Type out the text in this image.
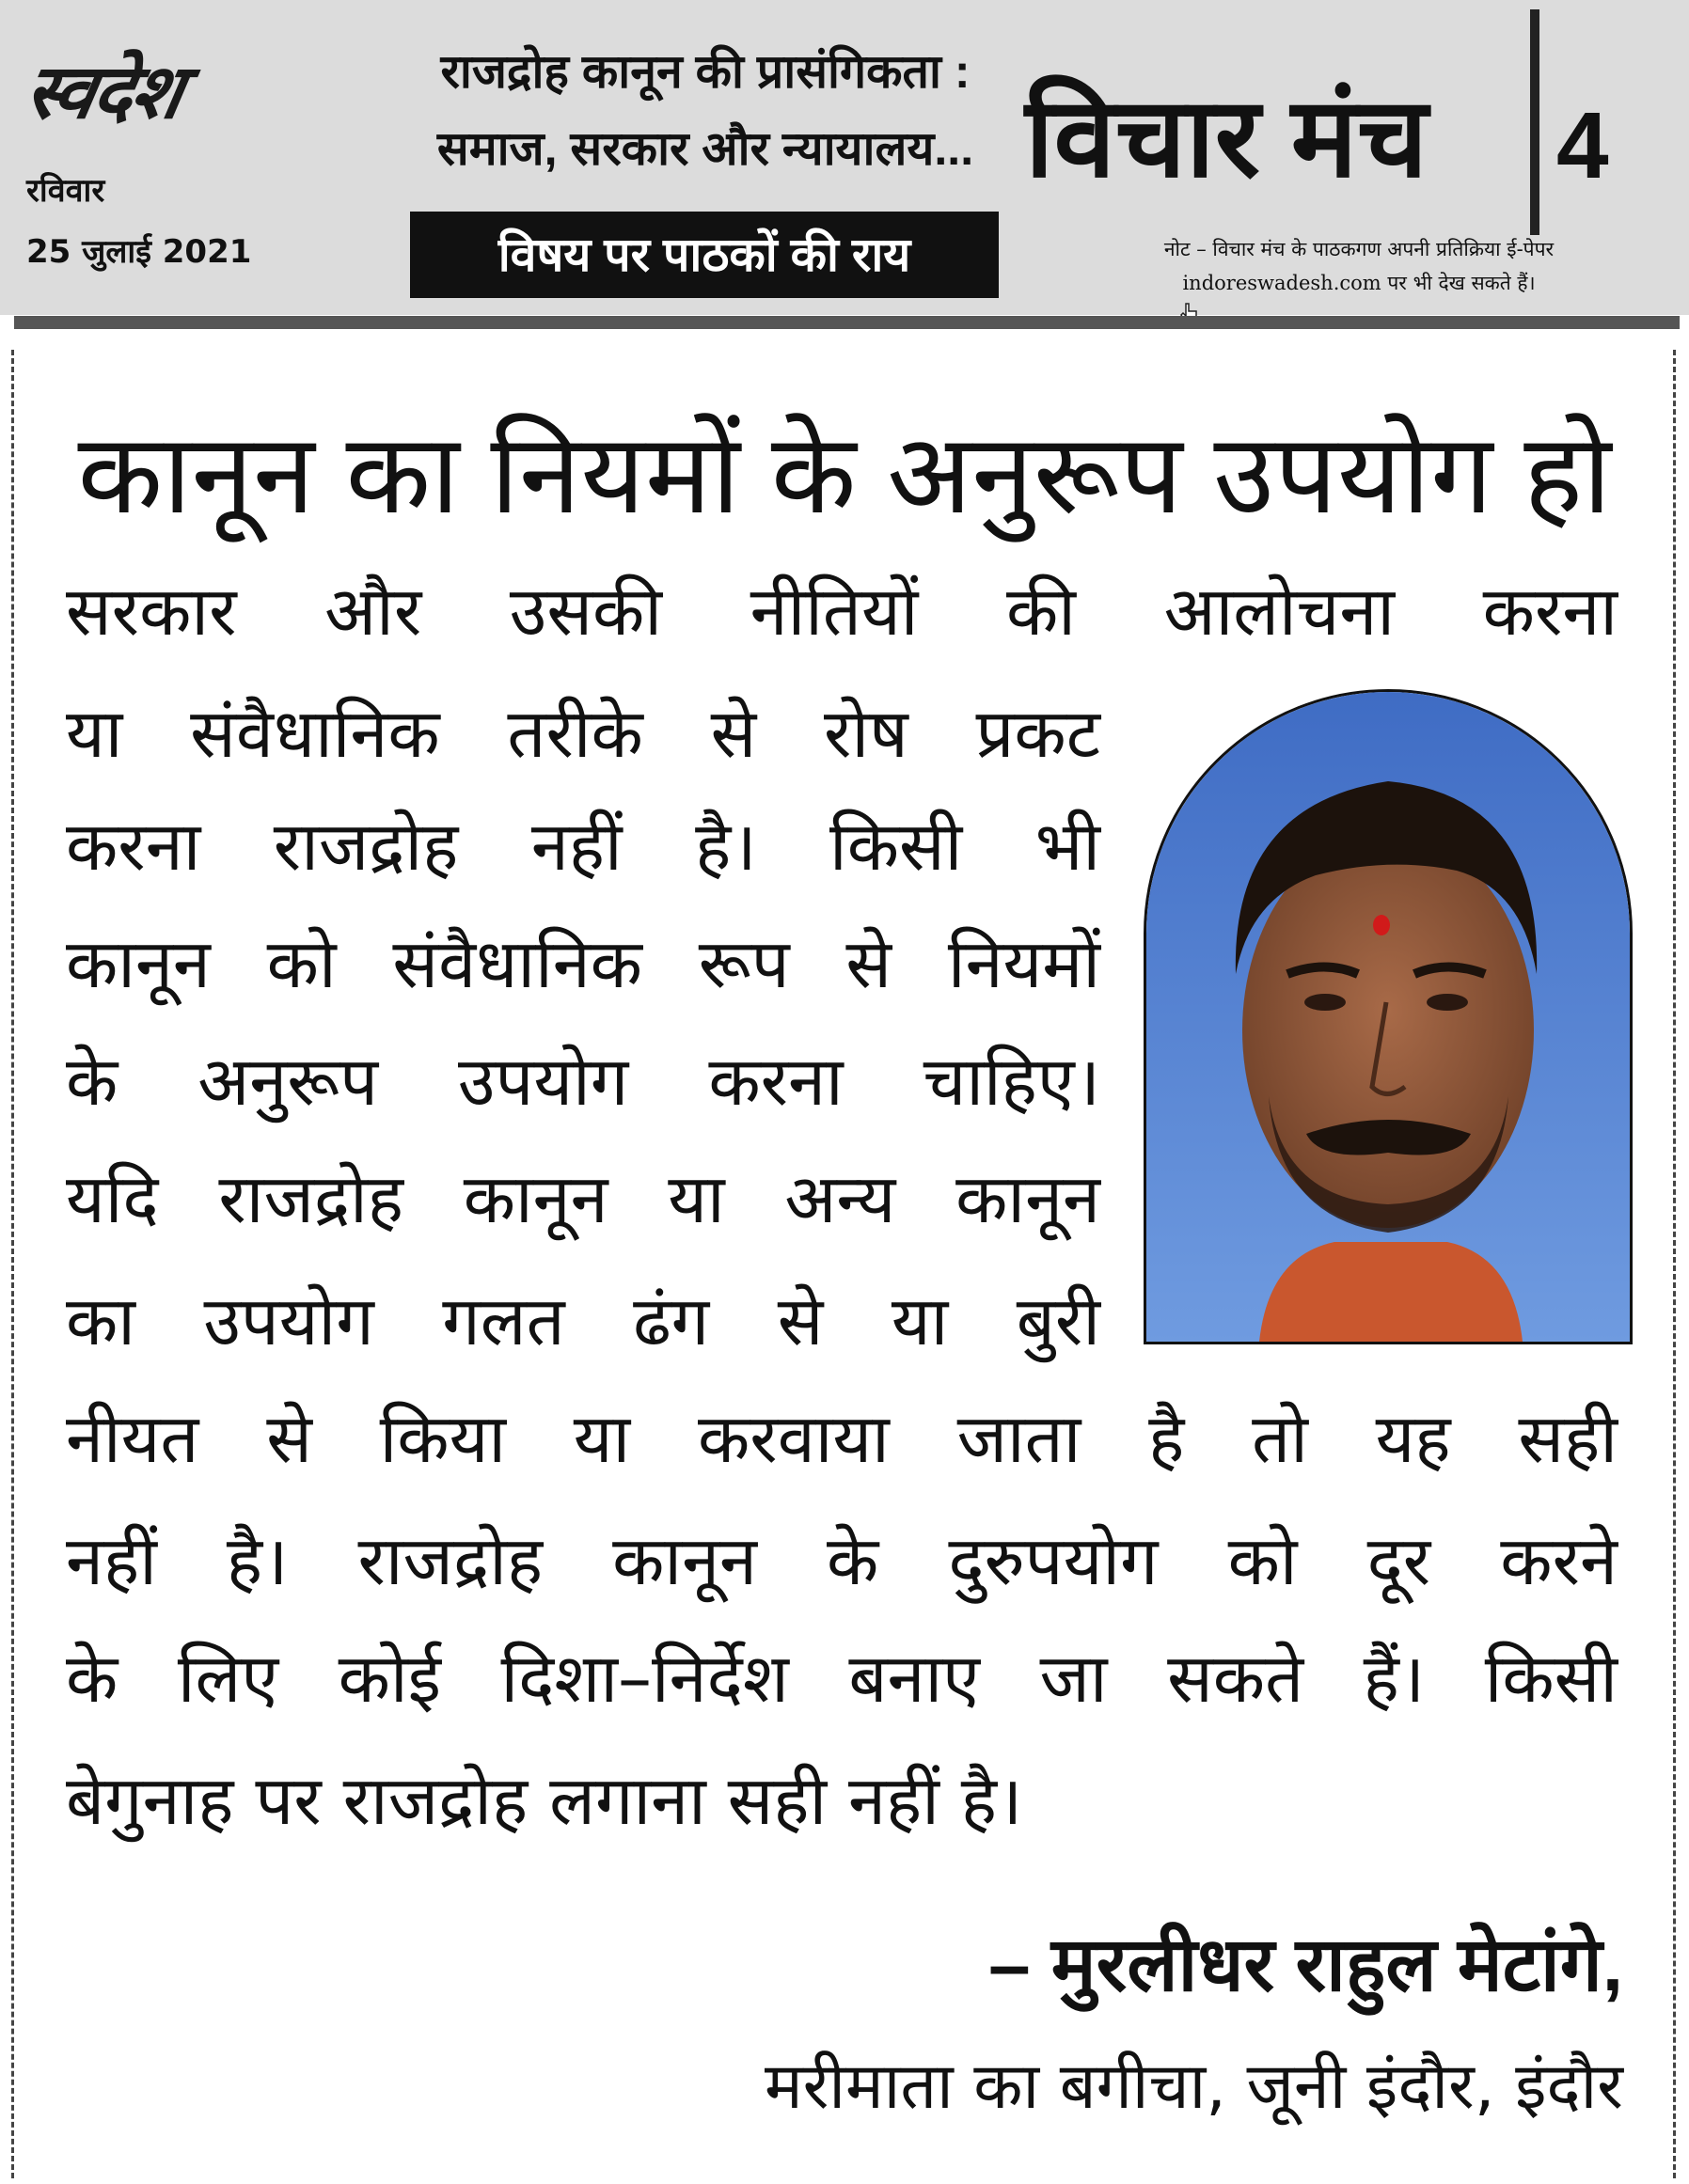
स्वदेश
रविवार
25 जुलाई 2021
राजद्रोह कानून की प्रासंगिकता :
समाज, सरकार और न्यायालय...
विषय पर पाठकों की राय
विचार मंच	4
नोट – विचार मंच के पाठकगण अपनी प्रतिक्रिया ई-पेपर
indoreswadesh.com पर भी देख सकते हैं।
कानून का नियमों के अनुरूप उपयोग हो
सरकार और उसकी नीतियों की आलोचना करना
या संवैधानिक तरीके से रोष प्रकट
करना राजद्रोह नहीं है। किसी भी
कानून को संवैधानिक रूप से नियमों
के अनुरूप उपयोग करना चाहिए।
यदि राजद्रोह कानून या अन्य कानून
का उपयोग गलत ढंग से या बुरी
नीयत से किया या करवाया जाता है तो यह सही
नहीं है। राजद्रोह कानून के दुरुपयोग को दूर करने
के लिए कोई दिशा–निर्देश बनाए जा सकते हैं। किसी
बेगुनाह पर राजद्रोह लगाना सही नहीं है।
– मुरलीधर राहुल मेटांगे,
मरीमाता का बगीचा, जूनी इंदौर, इंदौर
